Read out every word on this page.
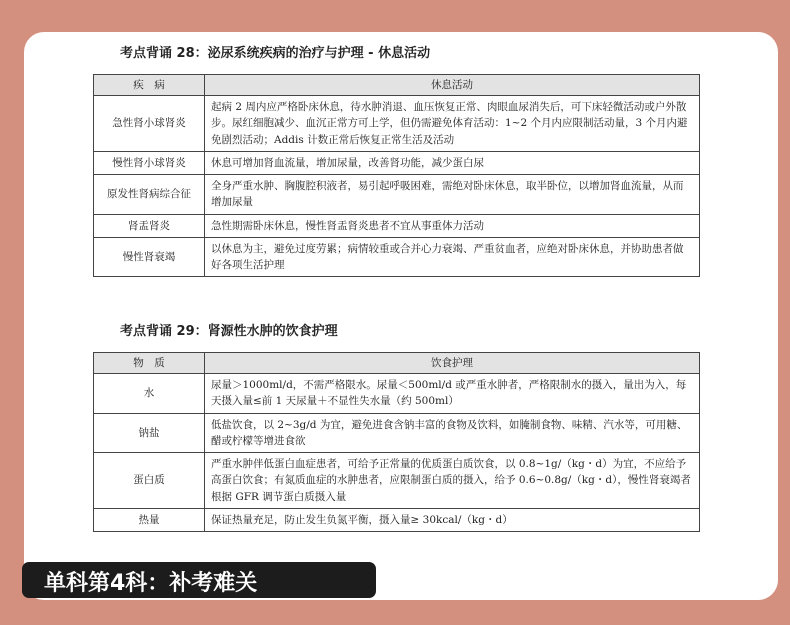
考点背诵 28：泌尿系统疾病的治疗与护理 - 休息活动
疾　病	休息活动
急性肾小球肾炎	起病 2 周内应严格卧床休息，待水肿消退、血压恢复正常、肉眼血尿消失后，可下床轻微活动或户外散步。尿红细胞减少、血沉正常方可上学，但仍需避免体育活动：1~2 个月内应限制活动量，3 个月内避免剧烈活动；Addis 计数正常后恢复正常生活及活动
慢性肾小球肾炎	休息可增加肾血流量，增加尿量，改善肾功能，减少蛋白尿
原发性肾病综合征	全身严重水肿、胸腹腔积液者，易引起呼吸困难，需绝对卧床休息，取半卧位，以增加肾血流量，从而增加尿量
肾盂肾炎	急性期需卧床休息，慢性肾盂肾炎患者不宜从事重体力活动
慢性肾衰竭	以休息为主，避免过度劳累；病情较重或合并心力衰竭、严重贫血者，应绝对卧床休息，并协助患者做好各项生活护理
考点背诵 29：肾源性水肿的饮食护理
物　质	饮食护理
水	尿量＞1000ml/d，不需严格限水。尿量＜500ml/d 或严重水肿者，严格限制水的摄入，量出为入，每天摄入量≤前 1 天尿量＋不显性失水量（约 500ml）
钠盐	低盐饮食，以 2~3g/d 为宜，避免进食含钠丰富的食物及饮料，如腌制食物、味精、汽水等，可用糖、醋或柠檬等增进食欲
蛋白质	严重水肿伴低蛋白血症患者，可给予正常量的优质蛋白质饮食，以 0.8~1g/（kg・d）为宜，不应给予高蛋白饮食；有氮质血症的水肿患者，应限制蛋白质的摄入，给予 0.6~0.8g/（kg・d），慢性肾衰竭者根据 GFR 调节蛋白质摄入量
热量	保证热量充足，防止发生负氮平衡，摄入量≥ 30kcal/（kg・d）
单科第4科：补考难关
